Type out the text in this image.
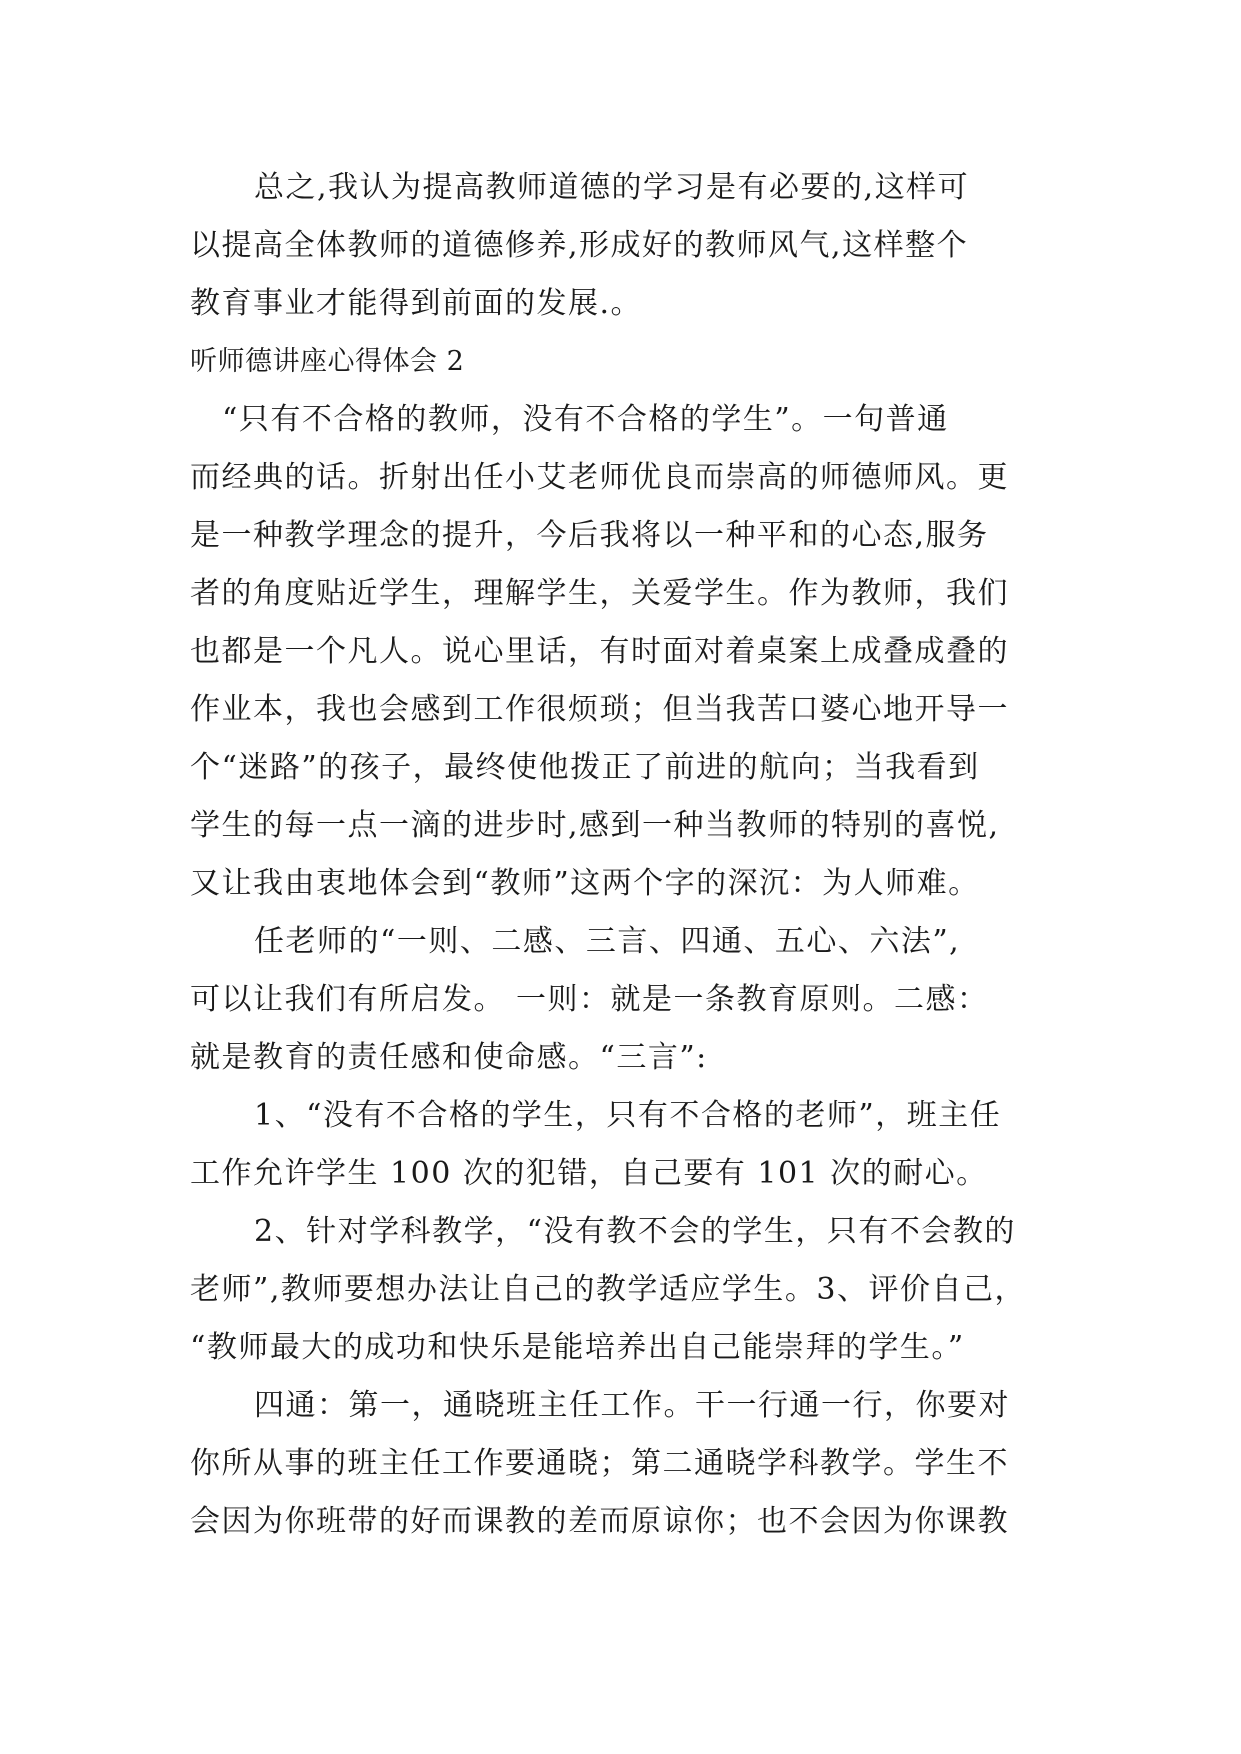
总之,我认为提高教师道德的学习是有必要的,这样可
以提高全体教师的道德修养,形成好的教师风气,这样整个
教育事业才能得到前面的发展.。
听师德讲座心得体会 2
“只有不合格的教师，没有不合格的学生”。一句普通
而经典的话。折射出任小艾老师优良而崇高的师德师风。更
是一种教学理念的提升，今后我将以一种平和的心态,服务
者的角度贴近学生，理解学生，关爱学生。作为教师，我们
也都是一个凡人。说心里话，有时面对着桌案上成叠成叠的
作业本，我也会感到工作很烦琐；但当我苦口婆心地开导一
个“迷路”的孩子，最终使他拨正了前进的航向；当我看到
学生的每一点一滴的进步时,感到一种当教师的特别的喜悦,
又让我由衷地体会到“教师”这两个字的深沉：为人师难。
任老师的“一则、二感、三言、四通、五心、六法”,
可以让我们有所启发。 一则：就是一条教育原则。二感：
就是教育的责任感和使命感。“三言”:
1、“没有不合格的学生，只有不合格的老师”，班主任
工作允许学生 100 次的犯错，自己要有 101 次的耐心。
2、针对学科教学，“没有教不会的学生，只有不会教的
老师”,教师要想办法让自己的教学适应学生。3、评价自己，
“教师最大的成功和快乐是能培养出自己能崇拜的学生。”
四通：第一，通晓班主任工作。干一行通一行，你要对
你所从事的班主任工作要通晓；第二通晓学科教学。学生不
会因为你班带的好而课教的差而原谅你；也不会因为你课教
